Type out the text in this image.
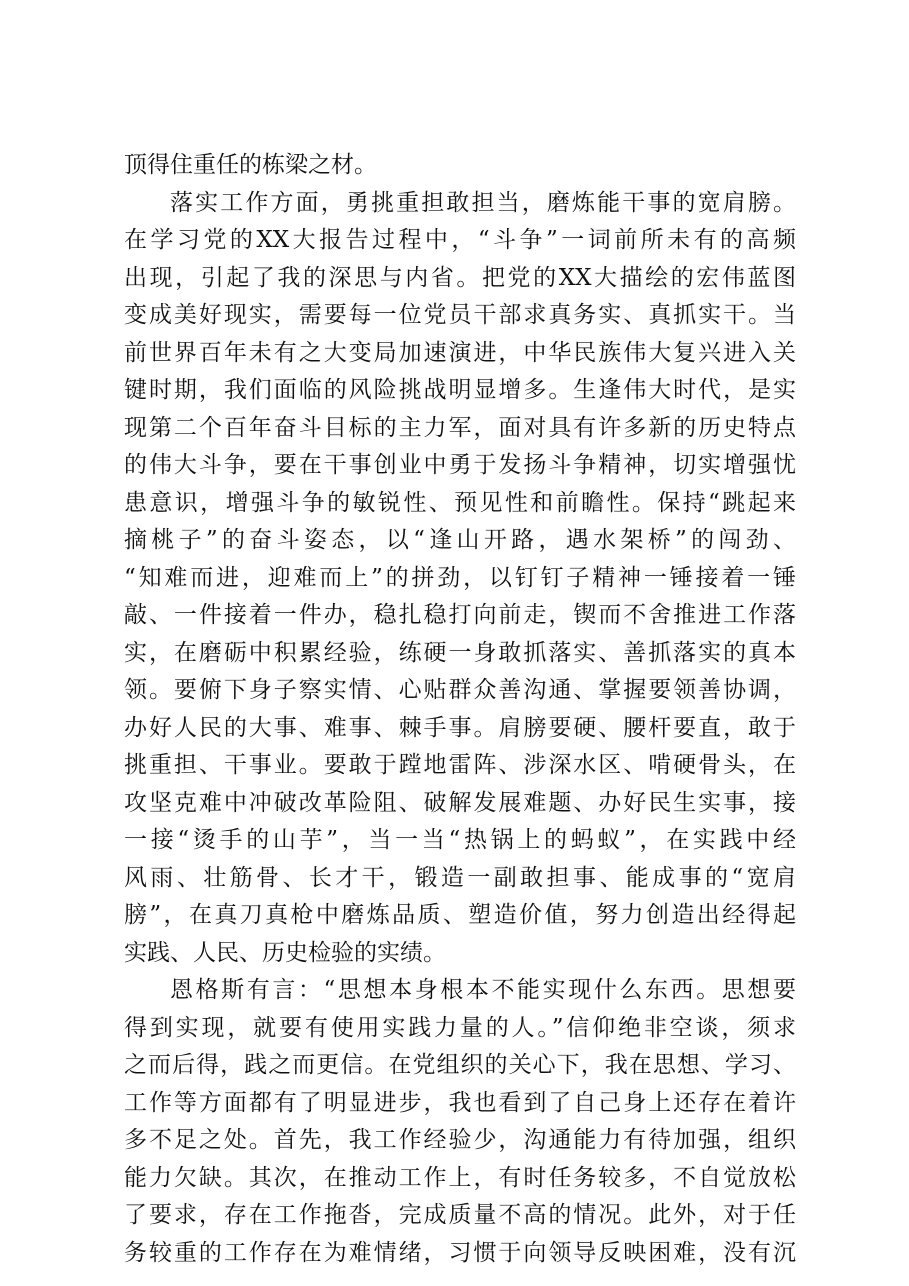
顶得住重任的栋梁之材。
落实工作方面，勇挑重担敢担当，磨炼能干事的宽肩膀。
在学习党的XX大报告过程中，“斗争”一词前所未有的高频
出现，引起了我的深思与内省。把党的XX大描绘的宏伟蓝图
变成美好现实，需要每一位党员干部求真务实、真抓实干。当
前世界百年未有之大变局加速演进，中华民族伟大复兴进入关
键时期，我们面临的风险挑战明显增多。生逢伟大时代，是实
现第二个百年奋斗目标的主力军，面对具有许多新的历史特点
的伟大斗争，要在干事创业中勇于发扬斗争精神，切实增强忧
患意识，增强斗争的敏锐性、预见性和前瞻性。保持“跳起来
摘桃子”的奋斗姿态，以“逢山开路，遇水架桥”的闯劲、
“知难而进，迎难而上”的拼劲，以钉钉子精神一锤接着一锤
敲、一件接着一件办，稳扎稳打向前走，锲而不舍推进工作落
实，在磨砺中积累经验，练硬一身敢抓落实、善抓落实的真本
领。要俯下身子察实情、心贴群众善沟通、掌握要领善协调，
办好人民的大事、难事、棘手事。肩膀要硬、腰杆要直，敢于
挑重担、干事业。要敢于蹚地雷阵、涉深水区、啃硬骨头，在
攻坚克难中冲破改革险阻、破解发展难题、办好民生实事，接
一接“烫手的山芋”，当一当“热锅上的蚂蚁”，在实践中经
风雨、壮筋骨、长才干，锻造一副敢担事、能成事的“宽肩
膀”，在真刀真枪中磨炼品质、塑造价值，努力创造出经得起
实践、人民、历史检验的实绩。
恩格斯有言：“思想本身根本不能实现什么东西。思想要
得到实现，就要有使用实践力量的人。”信仰绝非空谈，须求
之而后得，践之而更信。在党组织的关心下，我在思想、学习、
工作等方面都有了明显进步，我也看到了自己身上还存在着许
多不足之处。首先，我工作经验少，沟通能力有待加强，组织
能力欠缺。其次，在推动工作上，有时任务较多，不自觉放松
了要求，存在工作拖沓，完成质量不高的情况。此外，对于任
务较重的工作存在为难情绪，习惯于向领导反映困难，没有沉
